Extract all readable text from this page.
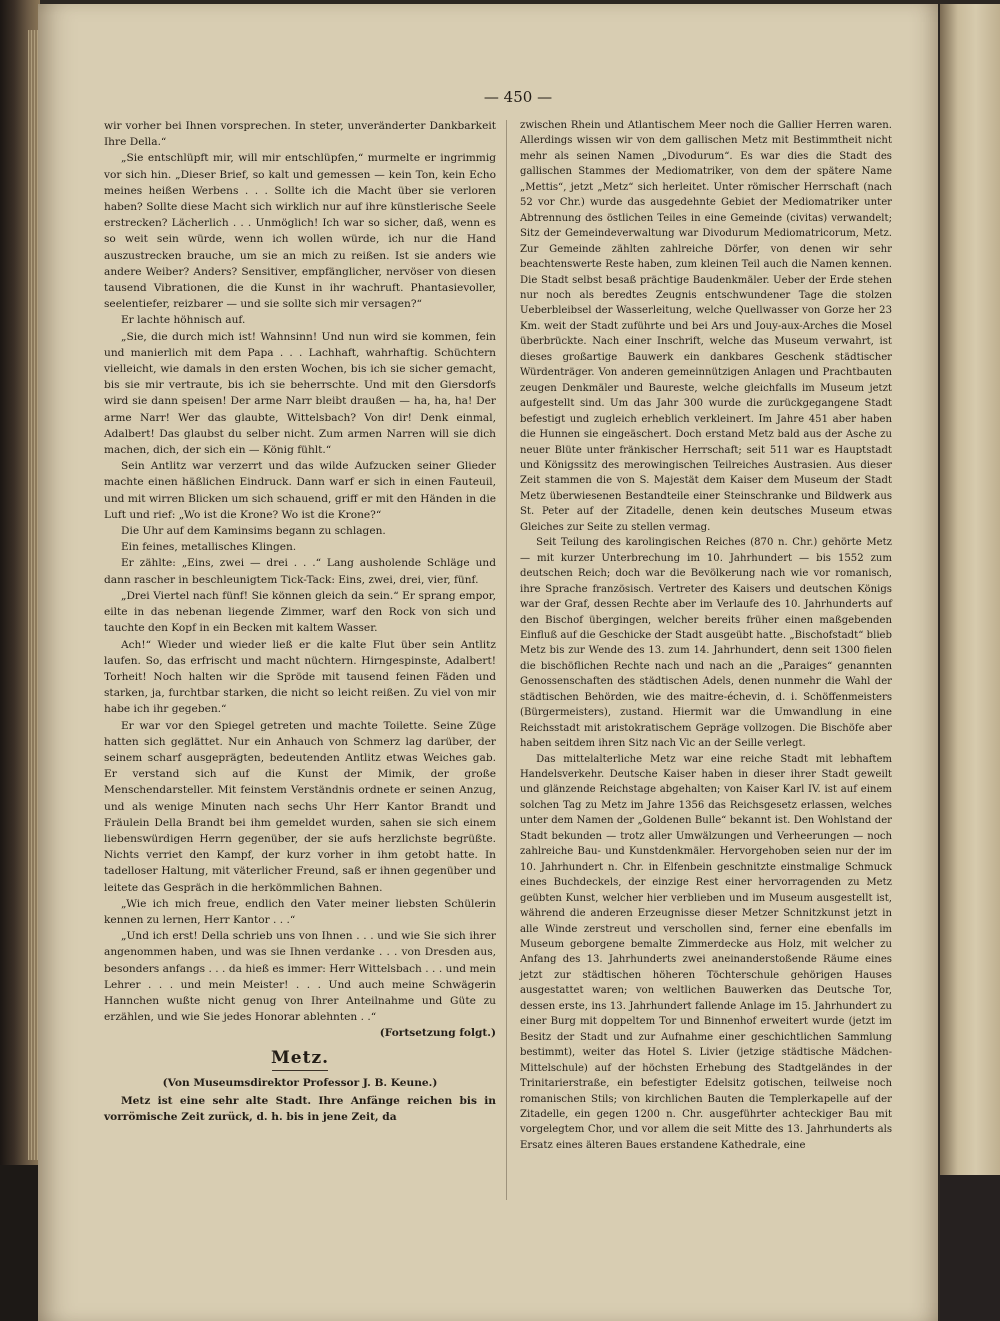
— 450 —

wir vorher bei Ihnen vorsprechen. In steter, unveränderter Dankbarkeit Ihre Della.“

„Sie entschlüpft mir, will mir entschlüpfen,“ murmelte er ingrimmig vor sich hin. „Dieser Brief, so kalt und gemessen — kein Ton, kein Echo meines heißen Werbens . . . Sollte ich die Macht über sie verloren haben? Sollte diese Macht sich wirklich nur auf ihre künstlerische Seele erstrecken? Lächerlich . . . Unmöglich! Ich war so sicher, daß, wenn es so weit sein würde, wenn ich wollen würde, ich nur die Hand auszustrecken brauche, um sie an mich zu reißen. Ist sie anders wie andere Weiber? Anders? Sensitiver, empfänglicher, nervöser von diesen tausend Vibrationen, die die Kunst in ihr wachruft. Phantasievoller, seelentiefer, reizbarer — und sie sollte sich mir versagen?“

Er lachte höhnisch auf.

„Sie, die durch mich ist! Wahnsinn! Und nun wird sie kommen, fein und manierlich mit dem Papa . . . Lachhaft, wahrhaftig. Schüchtern vielleicht, wie damals in den ersten Wochen, bis ich sie sicher gemacht, bis sie mir vertraute, bis ich sie beherrschte. Und mit den Giersdorfs wird sie dann speisen! Der arme Narr bleibt draußen — ha, ha, ha! Der arme Narr! Wer das glaubte, Wittelsbach? Von dir! Denk einmal, Adalbert! Das glaubst du selber nicht. Zum armen Narren will sie dich machen, dich, der sich ein — König fühlt.“

Sein Antlitz war verzerrt und das wilde Aufzucken seiner Glieder machte einen häßlichen Eindruck. Dann warf er sich in einen Fauteuil, und mit wirren Blicken um sich schauend, griff er mit den Händen in die Luft und rief: „Wo ist die Krone? Wo ist die Krone?“

Die Uhr auf dem Kaminsims begann zu schlagen.

Ein feines, metallisches Klingen.

Er zählte: „Eins, zwei — drei . . .“ Lang ausholende Schläge und dann rascher in beschleunigtem Tick-Tack: Eins, zwei, drei, vier, fünf.

„Drei Viertel nach fünf! Sie können gleich da sein.“ Er sprang empor, eilte in das nebenan liegende Zimmer, warf den Rock von sich und tauchte den Kopf in ein Becken mit kaltem Wasser.

Ach!“ Wieder und wieder ließ er die kalte Flut über sein Antlitz laufen. So, das erfrischt und macht nüchtern. Hirngespinste, Adalbert! Torheit! Noch halten wir die Spröde mit tausend feinen Fäden und starken, ja, furchtbar starken, die nicht so leicht reißen. Zu viel von mir habe ich ihr gegeben.“

Er war vor den Spiegel getreten und machte Toilette. Seine Züge hatten sich geglättet. Nur ein Anhauch von Schmerz lag darüber, der seinem scharf ausgeprägten, bedeutenden Antlitz etwas Weiches gab. Er verstand sich auf die Kunst der Mimik, der große Menschendarsteller. Mit feinstem Verständnis ordnete er seinen Anzug, und als wenige Minuten nach sechs Uhr Herr Kantor Brandt und Fräulein Della Brandt bei ihm gemeldet wurden, sahen sie sich einem liebenswürdigen Herrn gegenüber, der sie aufs herzlichste begrüßte. Nichts verriet den Kampf, der kurz vorher in ihm getobt hatte. In tadelloser Haltung, mit väterlicher Freund, saß er ihnen gegenüber und leitete das Gespräch in die herkömmlichen Bahnen.

„Wie ich mich freue, endlich den Vater meiner liebsten Schülerin kennen zu lernen, Herr Kantor . . .“

„Und ich erst! Della schrieb uns von Ihnen . . . und wie Sie sich ihrer angenommen haben, und was sie Ihnen verdanke . . . von Dresden aus, besonders anfangs . . . da hieß es immer: Herr Wittelsbach . . . und mein Lehrer . . . und mein Meister! . . . Und auch meine Schwägerin Hannchen wußte nicht genug von Ihrer Anteilnahme und Güte zu erzählen, und wie Sie jedes Honorar ablehnten . .“

(Fortsetzung folgt.)

Metz.
(Von Museumsdirektor Professor J. B. Keune.)

Metz ist eine sehr alte Stadt. Ihre Anfänge reichen bis in vorrömische Zeit zurück, d. h. bis in jene Zeit, da

zwischen Rhein und Atlantischem Meer noch die Gallier Herren waren. Allerdings wissen wir von dem gallischen Metz mit Bestimmtheit nicht mehr als seinen Namen „Divodurum“. Es war dies die Stadt des gallischen Stammes der Mediomatriker, von dem der spätere Name „Mettis“, jetzt „Metz“ sich herleitet. Unter römischer Herrschaft (nach 52 vor Chr.) wurde das ausgedehnte Gebiet der Mediomatriker unter Abtrennung des östlichen Teiles in eine Gemeinde (civitas) verwandelt; Sitz der Gemeindeverwaltung war Divodurum Mediomatricorum, Metz. Zur Gemeinde zählten zahlreiche Dörfer, von denen wir sehr beachtenswerte Reste haben, zum kleinen Teil auch die Namen kennen. Die Stadt selbst besaß prächtige Baudenkmäler. Ueber der Erde stehen nur noch als beredtes Zeugnis entschwundener Tage die stolzen Ueberbleibsel der Wasserleitung, welche Quellwasser von Gorze her 23 Km. weit der Stadt zuführte und bei Ars und Jouy-aux-Arches die Mosel überbrückte. Nach einer Inschrift, welche das Museum verwahrt, ist dieses großartige Bauwerk ein dankbares Geschenk städtischer Würdenträger. Von anderen gemeinnützigen Anlagen und Prachtbauten zeugen Denkmäler und Baureste, welche gleichfalls im Museum jetzt aufgestellt sind. Um das Jahr 300 wurde die zurückgegangene Stadt befestigt und zugleich erheblich verkleinert. Im Jahre 451 aber haben die Hunnen sie eingeäschert. Doch erstand Metz bald aus der Asche zu neuer Blüte unter fränkischer Herrschaft; seit 511 war es Hauptstadt und Königssitz des merowingischen Teilreiches Austrasien. Aus dieser Zeit stammen die von S. Majestät dem Kaiser dem Museum der Stadt Metz überwiesenen Bestandteile einer Steinschranke und Bildwerk aus St. Peter auf der Zitadelle, denen kein deutsches Museum etwas Gleiches zur Seite zu stellen vermag.

Seit Teilung des karolingischen Reiches (870 n. Chr.) gehörte Metz — mit kurzer Unterbrechung im 10. Jahrhundert — bis 1552 zum deutschen Reich; doch war die Bevölkerung nach wie vor romanisch, ihre Sprache französisch. Vertreter des Kaisers und deutschen Königs war der Graf, dessen Rechte aber im Verlaufe des 10. Jahrhunderts auf den Bischof übergingen, welcher bereits früher einen maßgebenden Einfluß auf die Geschicke der Stadt ausgeübt hatte. „Bischofstadt“ blieb Metz bis zur Wende des 13. zum 14. Jahrhundert, denn seit 1300 fielen die bischöflichen Rechte nach und nach an die „Paraiges“ genannten Genossenschaften des städtischen Adels, denen nunmehr die Wahl der städtischen Behörden, wie des maitre-échevin, d. i. Schöffenmeisters (Bürgermeisters), zustand. Hiermit war die Umwandlung in eine Reichsstadt mit aristokratischem Gepräge vollzogen. Die Bischöfe aber haben seitdem ihren Sitz nach Vic an der Seille verlegt.

Das mittelalterliche Metz war eine reiche Stadt mit lebhaftem Handelsverkehr. Deutsche Kaiser haben in dieser ihrer Stadt geweilt und glänzende Reichstage abgehalten; von Kaiser Karl IV. ist auf einem solchen Tag zu Metz im Jahre 1356 das Reichsgesetz erlassen, welches unter dem Namen der „Goldenen Bulle“ bekannt ist. Den Wohlstand der Stadt bekunden — trotz aller Umwälzungen und Verheerungen — noch zahlreiche Bau- und Kunstdenkmäler. Hervorgehoben seien nur der im 10. Jahrhundert n. Chr. in Elfenbein geschnitzte einstmalige Schmuck eines Buchdeckels, der einzige Rest einer hervorragenden zu Metz geübten Kunst, welcher hier verblieben und im Museum ausgestellt ist, während die anderen Erzeugnisse dieser Metzer Schnitzkunst jetzt in alle Winde zerstreut und verschollen sind, ferner eine ebenfalls im Museum geborgene bemalte Zimmerdecke aus Holz, mit welcher zu Anfang des 13. Jahrhunderts zwei aneinanderstoßende Räume eines jetzt zur städtischen höheren Töchterschule gehörigen Hauses ausgestattet waren; von weltlichen Bauwerken das Deutsche Tor, dessen erste, ins 13. Jahrhundert fallende Anlage im 15. Jahrhundert zu einer Burg mit doppeltem Tor und Binnenhof erweitert wurde (jetzt im Besitz der Stadt und zur Aufnahme einer geschichtlichen Sammlung bestimmt), weiter das Hotel S. Livier (jetzige städtische Mädchen-Mittelschule) auf der höchsten Erhebung des Stadtgeländes in der Trinitarierstraße, ein befestigter Edelsitz gotischen, teilweise noch romanischen Stils; von kirchlichen Bauten die Templerkapelle auf der Zitadelle, ein gegen 1200 n. Chr. ausgeführter achteckiger Bau mit vorgelegtem Chor, und vor allem die seit Mitte des 13. Jahrhunderts als Ersatz eines älteren Baues erstandene Kathedrale, eine
